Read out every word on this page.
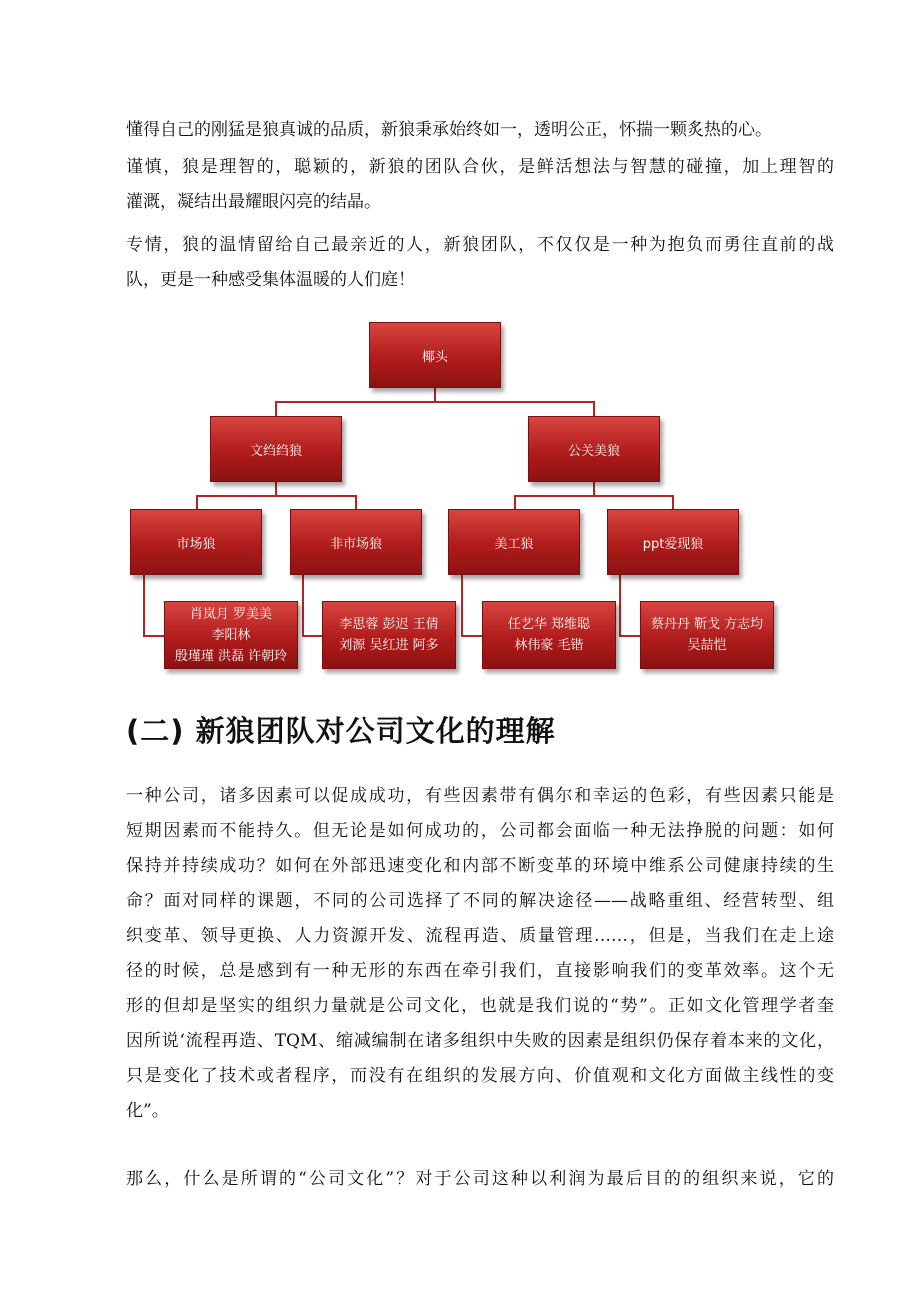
懂得自己的刚猛是狼真诚的品质，新狼秉承始终如一，透明公正，怀揣一颗炙热的心。
谨慎，狼是理智的，聪颖的，新狼的团队合伙，是鲜活想法与智慧的碰撞，加上理智的
灌溉，凝结出最耀眼闪亮的结晶。
专情，狼的温情留给自己最亲近的人，新狼团队，不仅仅是一种为抱负而勇往直前的战
队，更是一种感受集体温暖的人们庭！
椰头
文绉绉狼	公关美狼
市场狼	非市场狼	美工狼	ppt爱现狼
肖岚月 罗美美
李阳林
殷瑾瑾 洪磊 许朝玲
李思蓉 彭迟 王倩
刘源 吴红进 阿多
任艺华 郑维聪
林伟豪 毛锴
蔡丹丹 靳戈 方志均
吴喆恺
(二) 新狼团队对公司文化的理解
一种公司，诸多因素可以促成成功，有些因素带有偶尔和幸运的色彩，有些因素只能是
短期因素而不能持久。但无论是如何成功的，公司都会面临一种无法挣脱的问题：如何
保持并持续成功？如何在外部迅速变化和内部不断变革的环境中维系公司健康持续的生
命？面对同样的课题，不同的公司选择了不同的解决途径——战略重组、经营转型、组
织变革、领导更换、人力资源开发、流程再造、质量管理……，但是，当我们在走上途
径的时候，总是感到有一种无形的东西在牵引我们，直接影响我们的变革效率。这个无
形的但却是坚实的组织力量就是公司文化，也就是我们说的“势”。正如文化管理学者奎
因所说‘流程再造、TQM、缩减编制在诸多组织中失败的因素是组织仍保存着本来的文化，
只是变化了技术或者程序，而没有在组织的发展方向、价值观和文化方面做主线性的变
化”。
那么，什么是所谓的“公司文化”？对于公司这种以利润为最后目的的组织来说，它的
